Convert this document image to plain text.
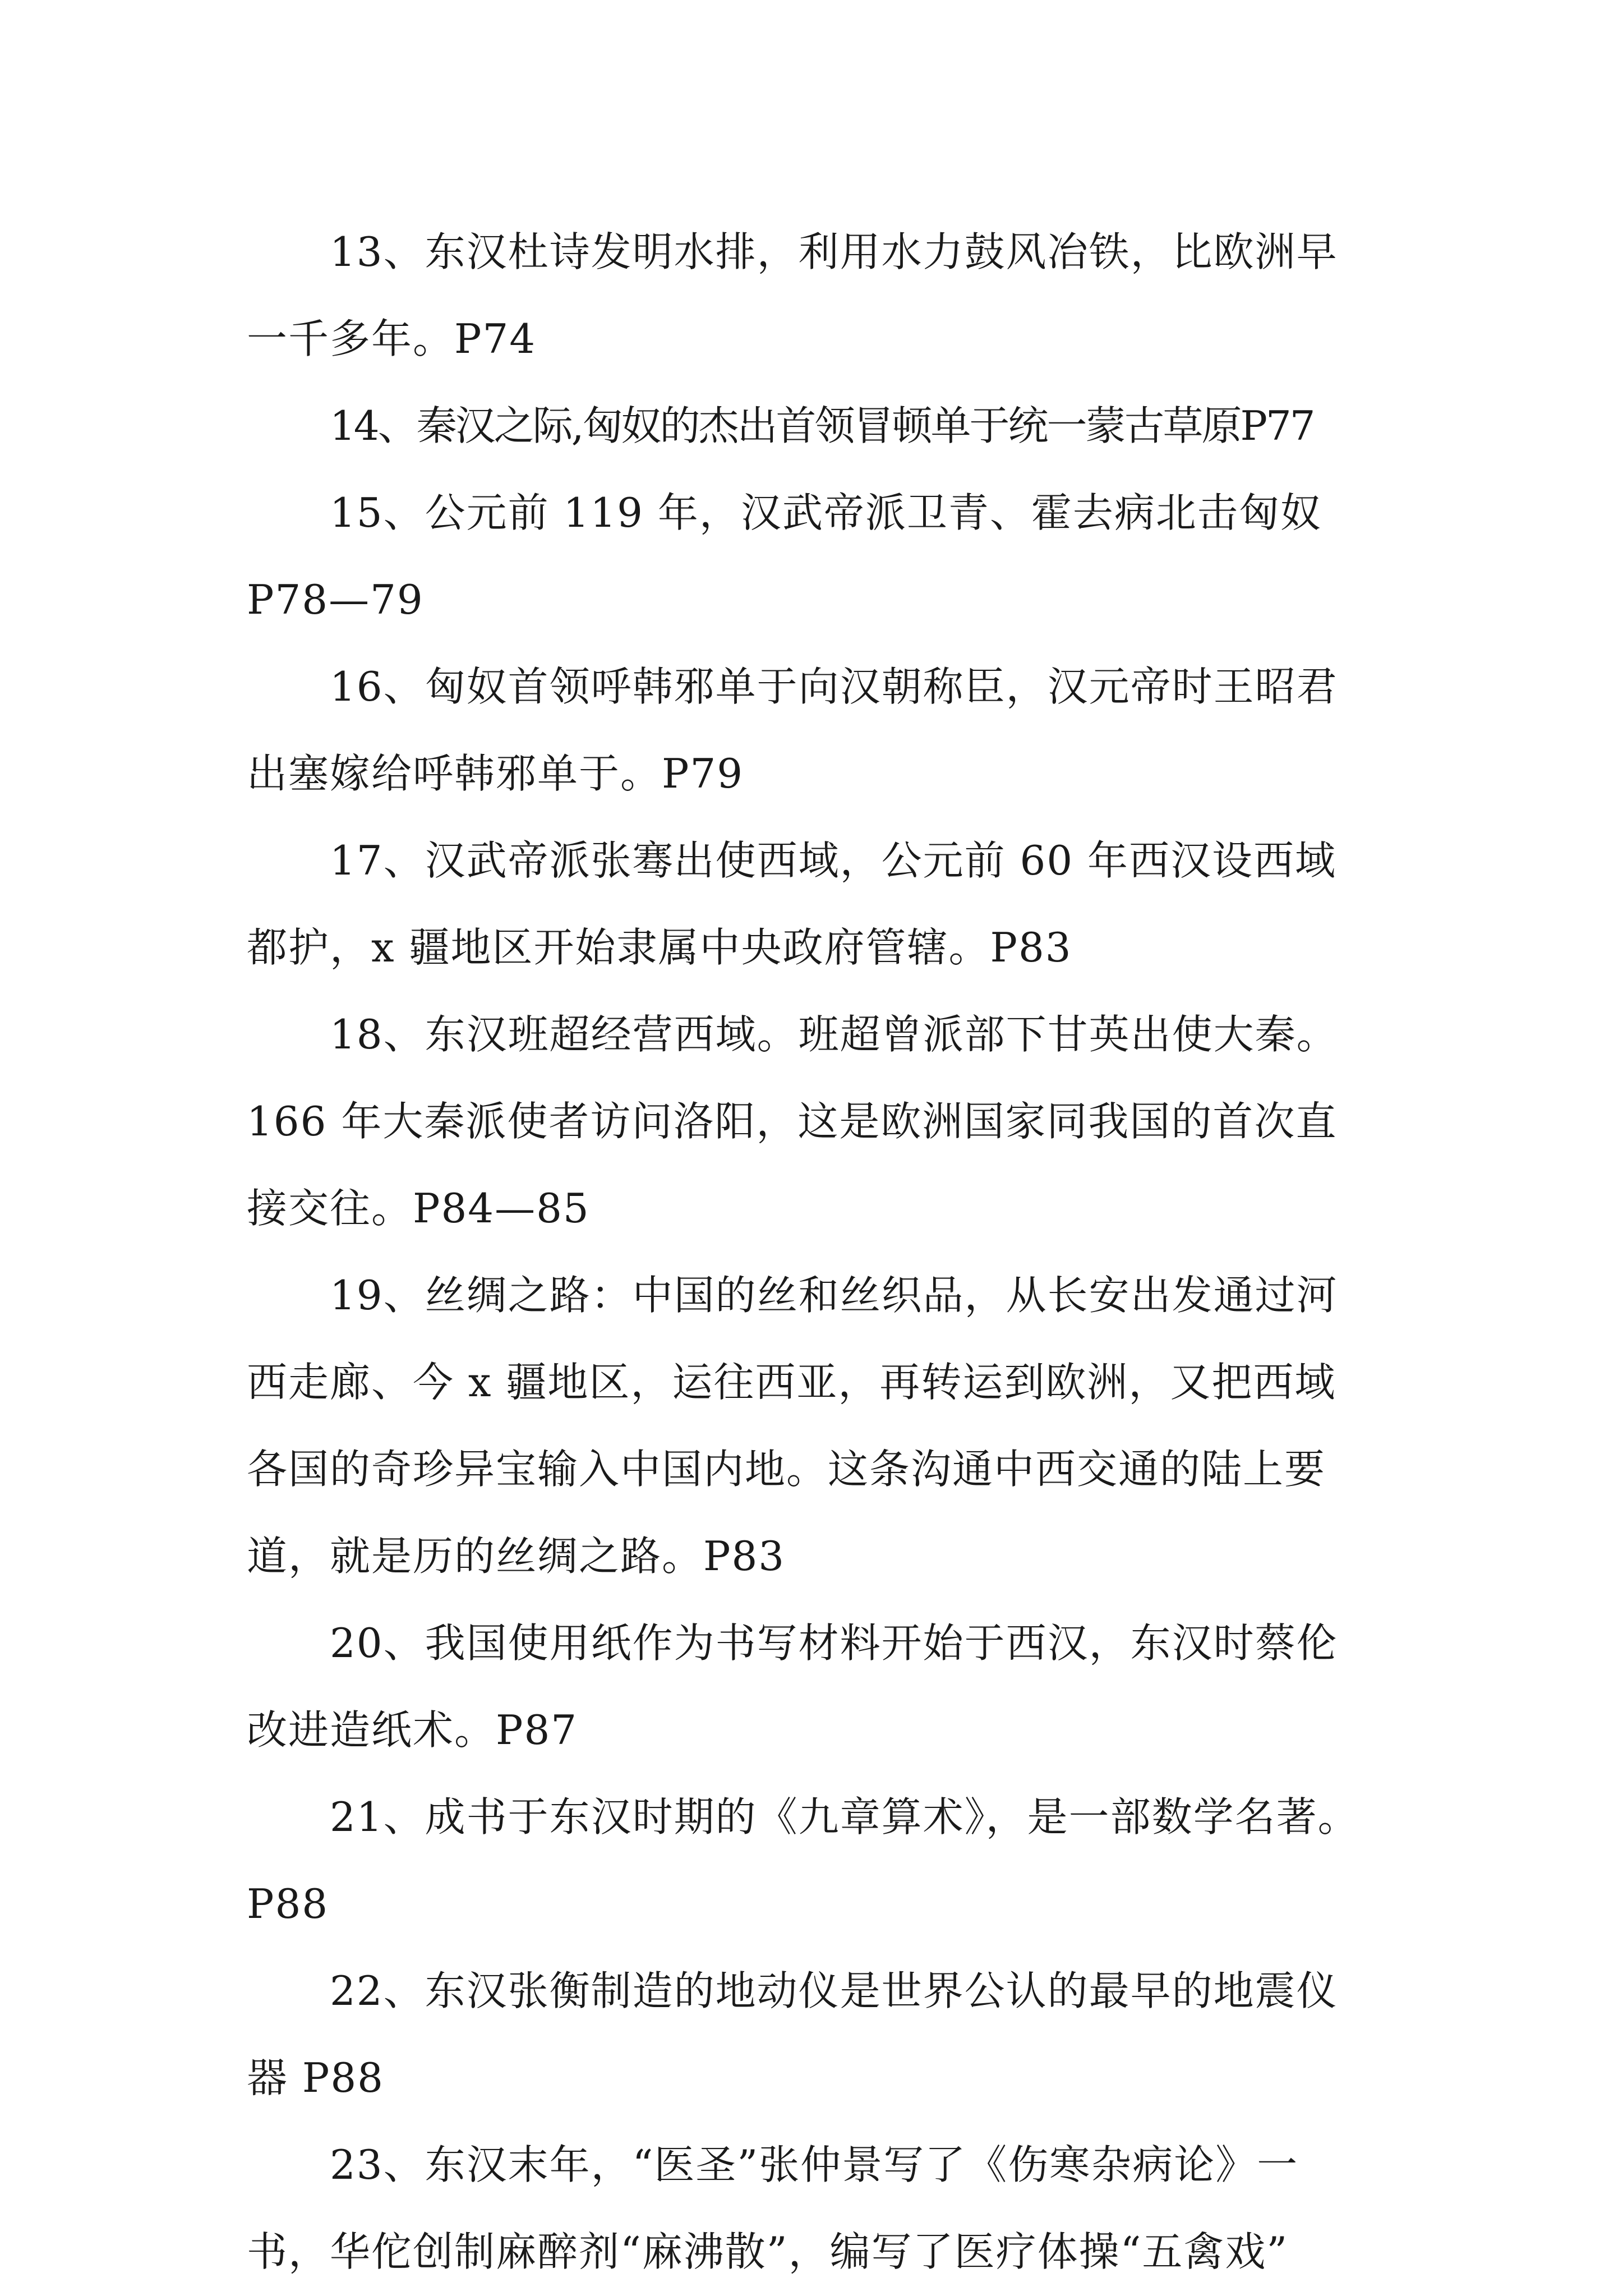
13、东汉杜诗发明水排，利用水力鼓风冶铁，比欧洲早
一千多年。P74
14、秦汉之际,匈奴的杰出首领冒顿单于统一蒙古草原P77
15、公元前 119 年，汉武帝派卫青、霍去病北击匈奴
P78—79
16、匈奴首领呼韩邪单于向汉朝称臣，汉元帝时王昭君
出塞嫁给呼韩邪单于。P79
17、汉武帝派张骞出使西域，公元前 60 年西汉设西域
都护，x 疆地区开始隶属中央政府管辖。P83
18、东汉班超经营西域。班超曾派部下甘英出使大秦。
166 年大秦派使者访问洛阳，这是欧洲国家同我国的首次直
接交往。P84—85
19、丝绸之路：中国的丝和丝织品，从长安出发通过河
西走廊、今 x 疆地区，运往西亚，再转运到欧洲，又把西域
各国的奇珍异宝输入中国内地。这条沟通中西交通的陆上要
道，就是历的丝绸之路。P83
20、我国使用纸作为书写材料开始于西汉，东汉时蔡伦
改进造纸术。P87
21、成书于东汉时期的《九章算术》，是一部数学名著。
P88
22、东汉张衡制造的地动仪是世界公认的最早的地震仪
器 P88
23、东汉末年，“医圣”张仲景写了《伤寒杂病论》一
书，华佗创制麻醉剂“麻沸散”，编写了医疗体操“五禽戏”
